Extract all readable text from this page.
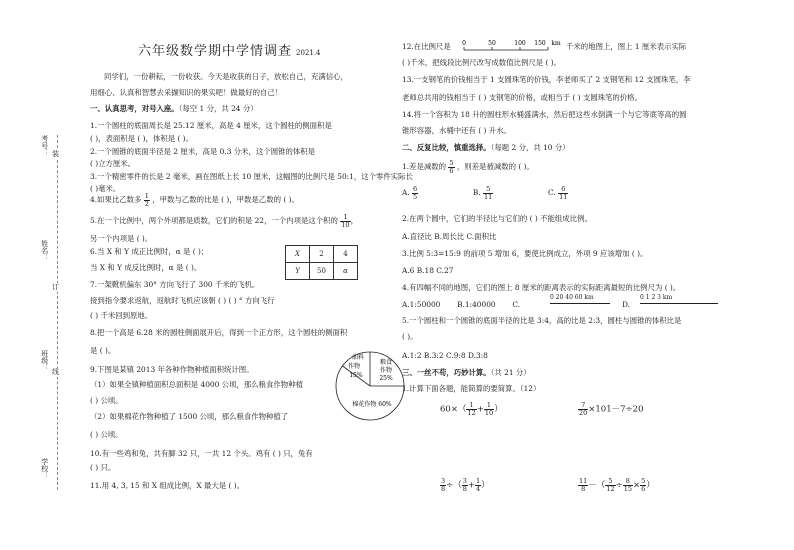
考号： 装
姓名：
订
班级：
线
学校：
六年级数学期中学情调查 2021.4
同学们，一份耕耘，一份收获。今天是收获的日子，放松自己，充满信心，
用细心、认真和智慧去采撷知识的果实吧！做最好的自己！
一、认真思考，对号入座。（每空 1 分，共 24 分）
1.一个圆柱的底面周长是 25.12 厘米，高是 4 厘米，这个圆柱的侧面积是
( )，表面积是 ( )，体积是 ( )。
2.一个圆锥的底面半径是 2 厘米，高是 0.3 分米，这个圆锥的体积是
( )立方厘米。
3.一个精密零件的长是 2 毫米，画在图纸上长 10 厘米，这幅图的比例尺是 50:1，这个零件实际长
( )毫米。
4.如果比乙数多 $\frac{1}{2}$ ，甲数与乙数的比是 ( )，甲数是乙数的 ( )。
5.在一个比例中，两个外项都是质数，它们的积是 22，一个内项是这个积的 $\frac{1}{10}$ ，
另一个内项是 ( )。
6.当 X 和 Y 成正比例时，α 是 ( )；
当 X 和 Y 成反比例时，α 是 ( )。
X	2	4
Y	50	α
7.一架靴机偏东 30° 方向飞行了 300 千米的飞机。
接到指令要求返航，返航时飞机应该朝 ( ) ( ) ° 方向飞行
( ) 千米回到原地。
8.把一个高是 6.28 米的圆柱侧面展开后，得到一个正方形，这个圆柱的侧面积
是 ( )。
9.下图是某镇 2013 年各种作物种植面积统计图。
（1）如果全镇种植面积总面积是 4000 公顷，那么粮食作物种植
( ) 公顷。
（2）如果棉花作物种植了 1500 公顷，那么粮食作物种植了
( ) 公顷。
10.有一些鸡和兔，共有脚 32 只，一共 12 个头。鸡有 ( ) 只，兔有
( ) 只。
11.用 4, 3, 15 和 X 组成比例，X 最大是 ( )。
油料
作物
15%
粮食
作物
25%
棉花作物 60%
12.在比例尺是 0	50	100 150 km 千米的地图上，图上 1 厘米表示实际
( )千米，把线段比例尺改写成数值比例尺是 ( )。
13.一支钢笔的价钱相当于 1 支圆珠笔的价钱，李老师买了 2 支钢笔和 12 支圆珠笔，李
老师总共用的钱相当于 ( ) 支钢笔的价格，或相当于 ( ) 支圆珠笔的价格。
14.将一个容积为 18 升的圆柱形水桶盛满水，然后把这些水倒满一个与它等底等高的圆
锥形容器，水桶中还有 ( ) 升水。
二、反复比较，慎重选择。（每题 2 分，共 10 分）
1.差是减数的 $\frac{5}{6}$ ，则差是被减数的 ( )。
A. $\frac{6}{5}$	B. $\frac{5}{11}$	C. $\frac{6}{11}$
2.在两个圆中，它们的半径比与它们的 ( ) 不能组成比例。
A.直径比 B.周长比 C.面积比
3.比例 5:3=15:9 的前项 5 增加 6，要使比例成立，外项 9 应该增加 ( )。
A.6 B.18 C.27
4.有四幅不同的地图，它们的图上 8 厘米的距离表示的实际距离最短的比例尺为 ( )。
A.1:50000 B.1:40000 C.
0 20 40 60 km
D.
0 1 2 3 km
5.一个圆柱和一个圆锥的底面半径的比是 3:4，高的比是 2:3，圆柱与圆锥的体积比是
( )。
A.1:2 B.3:2 C.9:8 D.3:8
三、一丝不苟，巧妙计算。（共 21 分）
1.计算下面各题，能简算的要简算。（12）
$60\times( \frac{1}{12} + \frac{1}{10}$ ）	$\frac{7}{20} \times 101-7\div 20$
$\frac{3}{8}$ ÷（ $\frac{3}{8} + \frac{1}{4}$ ）	$\frac{11}{8}$ －（ $\frac{5}{12} \div \frac{8}{15} \times \frac{5}{6}$ ）
